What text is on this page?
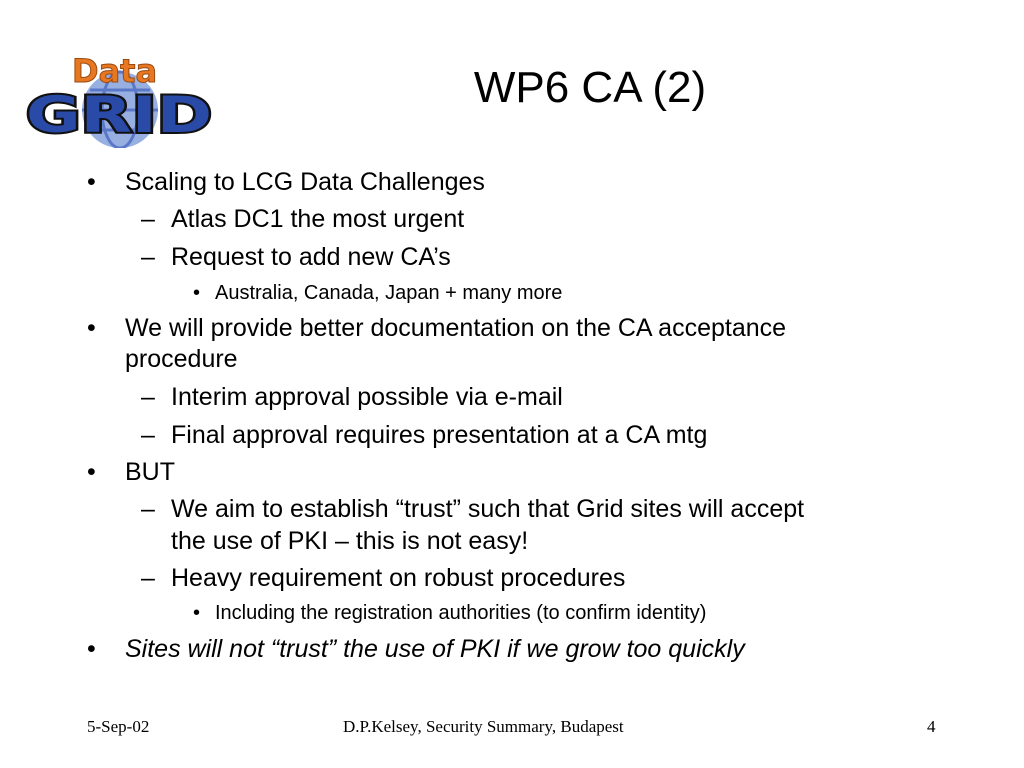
Data
GRID	WP6 CA (2)
• Scaling to LCG Data Challenges
– Atlas DC1 the most urgent
– Request to add new CA’s
• Australia, Canada, Japan + many more
• We will provide better documentation on the CA acceptance
procedure
– Interim approval possible via e-mail
– Final approval requires presentation at a CA mtg
• BUT
– We aim to establish “trust” such that Grid sites will accept
the use of PKI – this is not easy!
– Heavy requirement on robust procedures
• Including the registration authorities (to confirm identity)
• Sites will not “trust” the use of PKI if we grow too quickly
5-Sep-02	D.P.Kelsey, Security Summary, Budapest	4
